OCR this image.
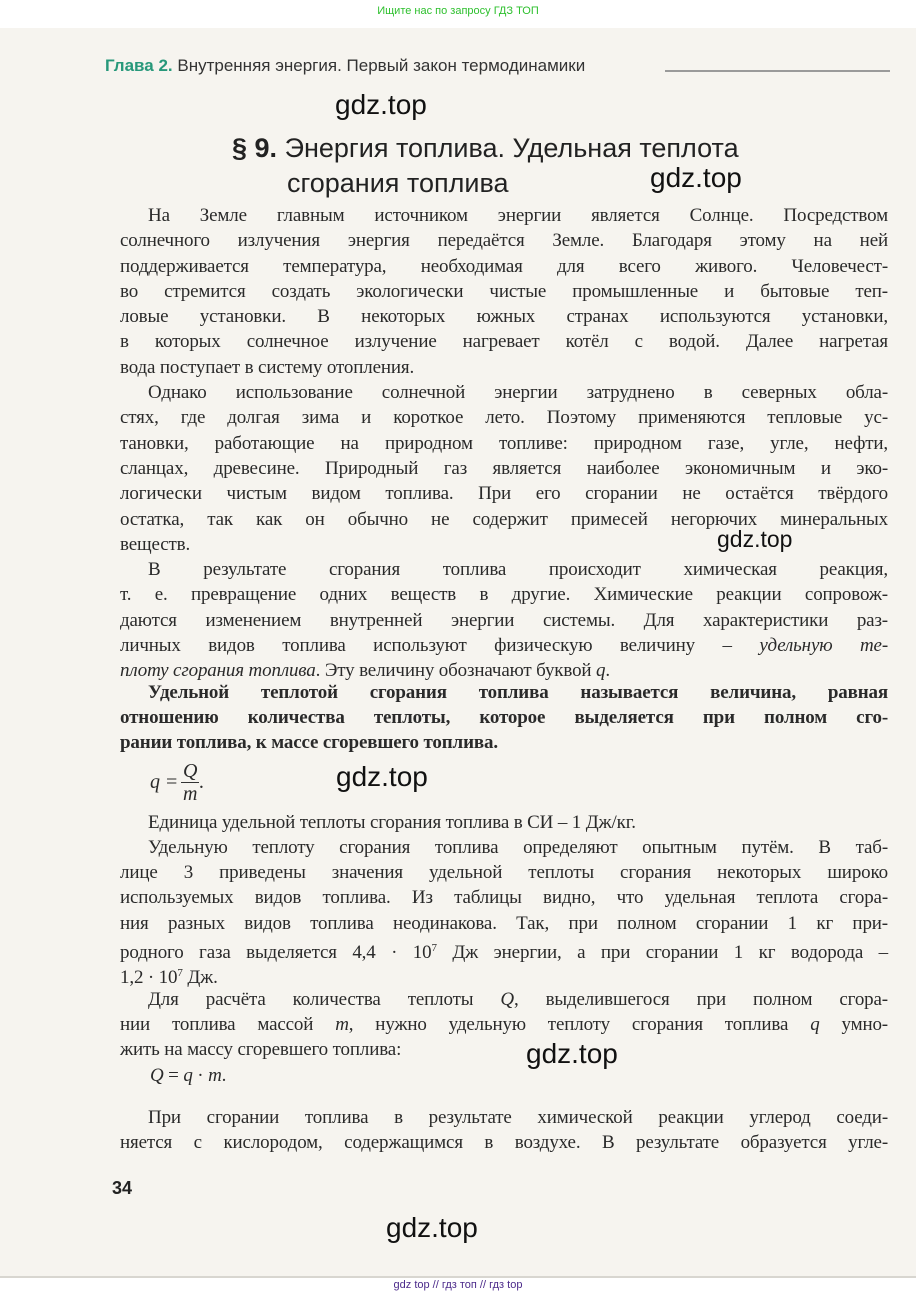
Ищите нас по запросу ГДЗ ТОП
Глава 2. Внутренняя энергия. Первый закон термодинамики
§ 9. Энергия топлива. Удельная теплота
сгорания топлива
На Земле главным источником энергии является Солнце. Посредством
солнечного излучения энергия передаётся Земле. Благодаря этому на ней
поддерживается температура, необходимая для всего живого. Человечест-
во стремится создать экологически чистые промышленные и бытовые теп-
ловые установки. В некоторых южных странах используются установки,
в которых солнечное излучение нагревает котёл с водой. Далее нагретая
вода поступает в систему отопления.
Однако использование солнечной энергии затруднено в северных обла-
стях, где долгая зима и короткое лето. Поэтому применяются тепловые ус-
тановки, работающие на природном топливе: природном газе, угле, нефти,
сланцах, древесине. Природный газ является наиболее экономичным и эко-
логически чистым видом топлива. При его сгорании не остаётся твёрдого
остатка, так как он обычно не содержит примесей негорючих минеральных
веществ.
В результате сгорания топлива происходит химическая реакция,
т. е. превращение одних веществ в другие. Химические реакции сопровож-
даются изменением внутренней энергии системы. Для характеристики раз-
личных видов топлива используют физическую величину – удельную те-
плоту сгорания топлива. Эту величину обозначают буквой q.
Удельной теплотой сгорания топлива называется величина, равная
отношению количества теплоты, которое выделяется при полном сго-
рании топлива, к массе сгоревшего топлива.
$q = \frac{Q}{m}$ .
Единица удельной теплоты сгорания топлива в СИ – 1 Дж/кг.
Удельную теплоту сгорания топлива определяют опытным путём. В таб-
лице 3 приведены значения удельной теплоты сгорания некоторых широко
используемых видов топлива. Из таблицы видно, что удельная теплота сгора-
ния разных видов топлива неодинакова. Так, при полном сгорании 1 кг при-
родного газа выделяется $4,4 \cdot 10^7$ Дж энергии, а при сгорании 1 кг водорода –
$1,2 \cdot 10^7$ Дж.
Для расчёта количества теплоты Q, выделившегося при полном сгора-
нии топлива массой m, нужно удельную теплоту сгорания топлива q умно-
жить на массу сгоревшего топлива:
Q = q · m.
При сгорании топлива в результате химической реакции углерод соеди-
няется с кислородом, содержащимся в воздухе. В результате образуется угле-
34
gdz.top
gdz.top
gdz.top
gdz.top
gdz.top
gdz.top
gdz top // гдз топ // гдз top
